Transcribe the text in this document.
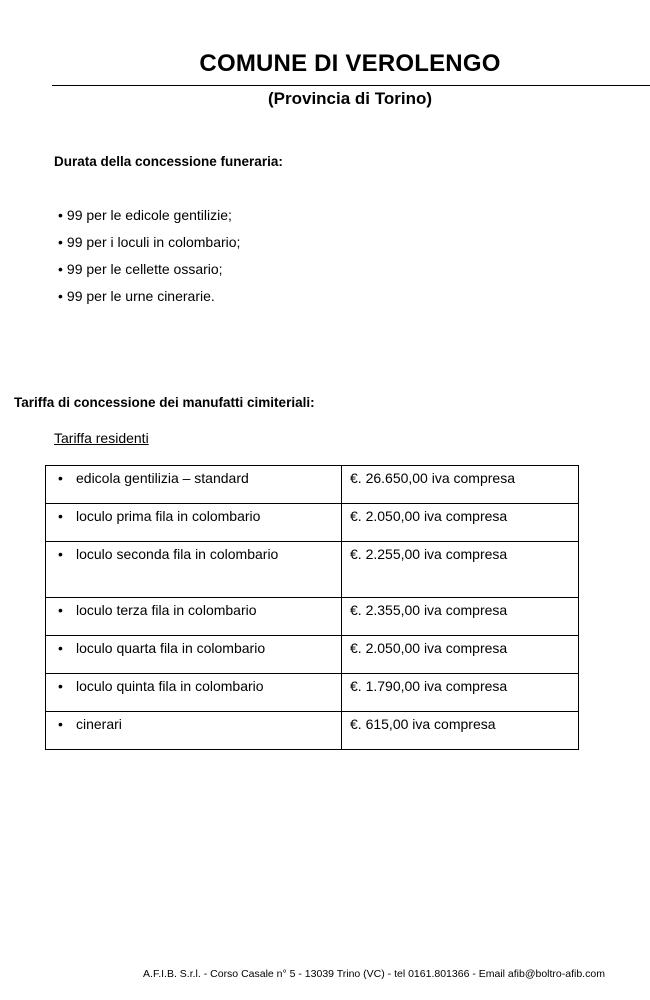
COMUNE DI VEROLENGO
(Provincia di Torino)
Durata della concessione funeraria:
• 99 per le edicole gentilizie;
• 99 per i loculi in colombario;
• 99 per le cellette ossario;
• 99 per le urne cinerarie.
Tariffa di concessione dei manufatti cimiteriali:
Tariffa residenti
• edicola gentilizia – standard	€. 26.650,00 iva compresa

• loculo prima fila in colombario	€. 2.050,00 iva compresa

• loculo seconda fila in colombario	€. 2.255,00 iva compresa

• loculo terza fila in colombario	€. 2.355,00 iva compresa

• loculo quarta fila in colombario	€. 2.050,00 iva compresa

• loculo quinta fila in colombario	€. 1.790,00 iva compresa

• cinerari	€. 615,00 iva compresa
A.F.I.B. S.r.l. - Corso Casale n° 5 - 13039 Trino (VC) - tel 0161.801366 - Email afib@boltro-afib.com
